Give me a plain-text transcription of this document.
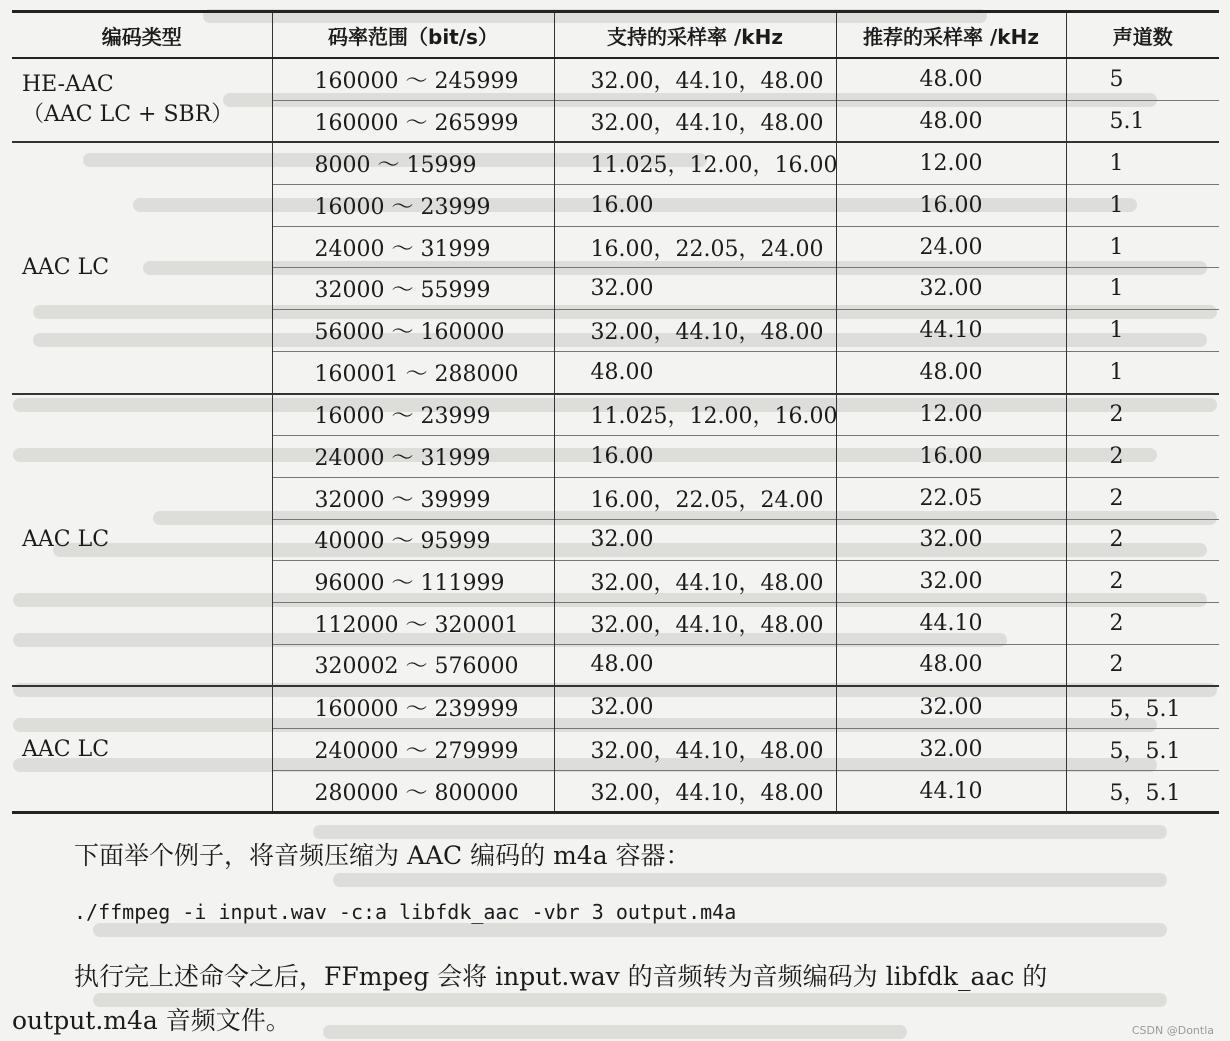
编码类型	码率范围（bit/s）	支持的采样率 /kHz	推荐的采样率 /kHz	声道数

HE-AAC
（AAC LC + SBR）	160000 ～ 245999	32.00，44.10，48.00	48.00	5
	160000 ～ 265999	32.00，44.10，48.00	48.00	5.1

AAC LC	8000 ～ 15999	11.025，12.00，16.00	12.00	1
	16000 ～ 23999	16.00	16.00	1
	24000 ～ 31999	16.00，22.05，24.00	24.00	1
	32000 ～ 55999	32.00	32.00	1
	56000 ～ 160000	32.00，44.10，48.00	44.10	1
	160001 ～ 288000	48.00	48.00	1

AAC LC	16000 ～ 23999	11.025，12.00，16.00	12.00	2
	24000 ～ 31999	16.00	16.00	2
	32000 ～ 39999	16.00，22.05，24.00	22.05	2
	40000 ～ 95999	32.00	32.00	2
	96000 ～ 111999	32.00，44.10，48.00	32.00	2
	112000 ～ 320001	32.00，44.10，48.00	44.10	2
	320002 ～ 576000	48.00	48.00	2

AAC LC	160000 ～ 239999	32.00	32.00	5，5.1
	240000 ～ 279999	32.00，44.10，48.00	32.00	5，5.1
	280000 ～ 800000	32.00，44.10，48.00	44.10	5，5.1

下面举个例子，将音频压缩为 AAC 编码的 m4a 容器：

./ffmpeg -i input.wav -c:a libfdk_aac -vbr 3 output.m4a

执行完上述命令之后，FFmpeg 会将 input.wav 的音频转为音频编码为 libfdk_aac 的

output.m4a 音频文件。	CSDN @Dontla
